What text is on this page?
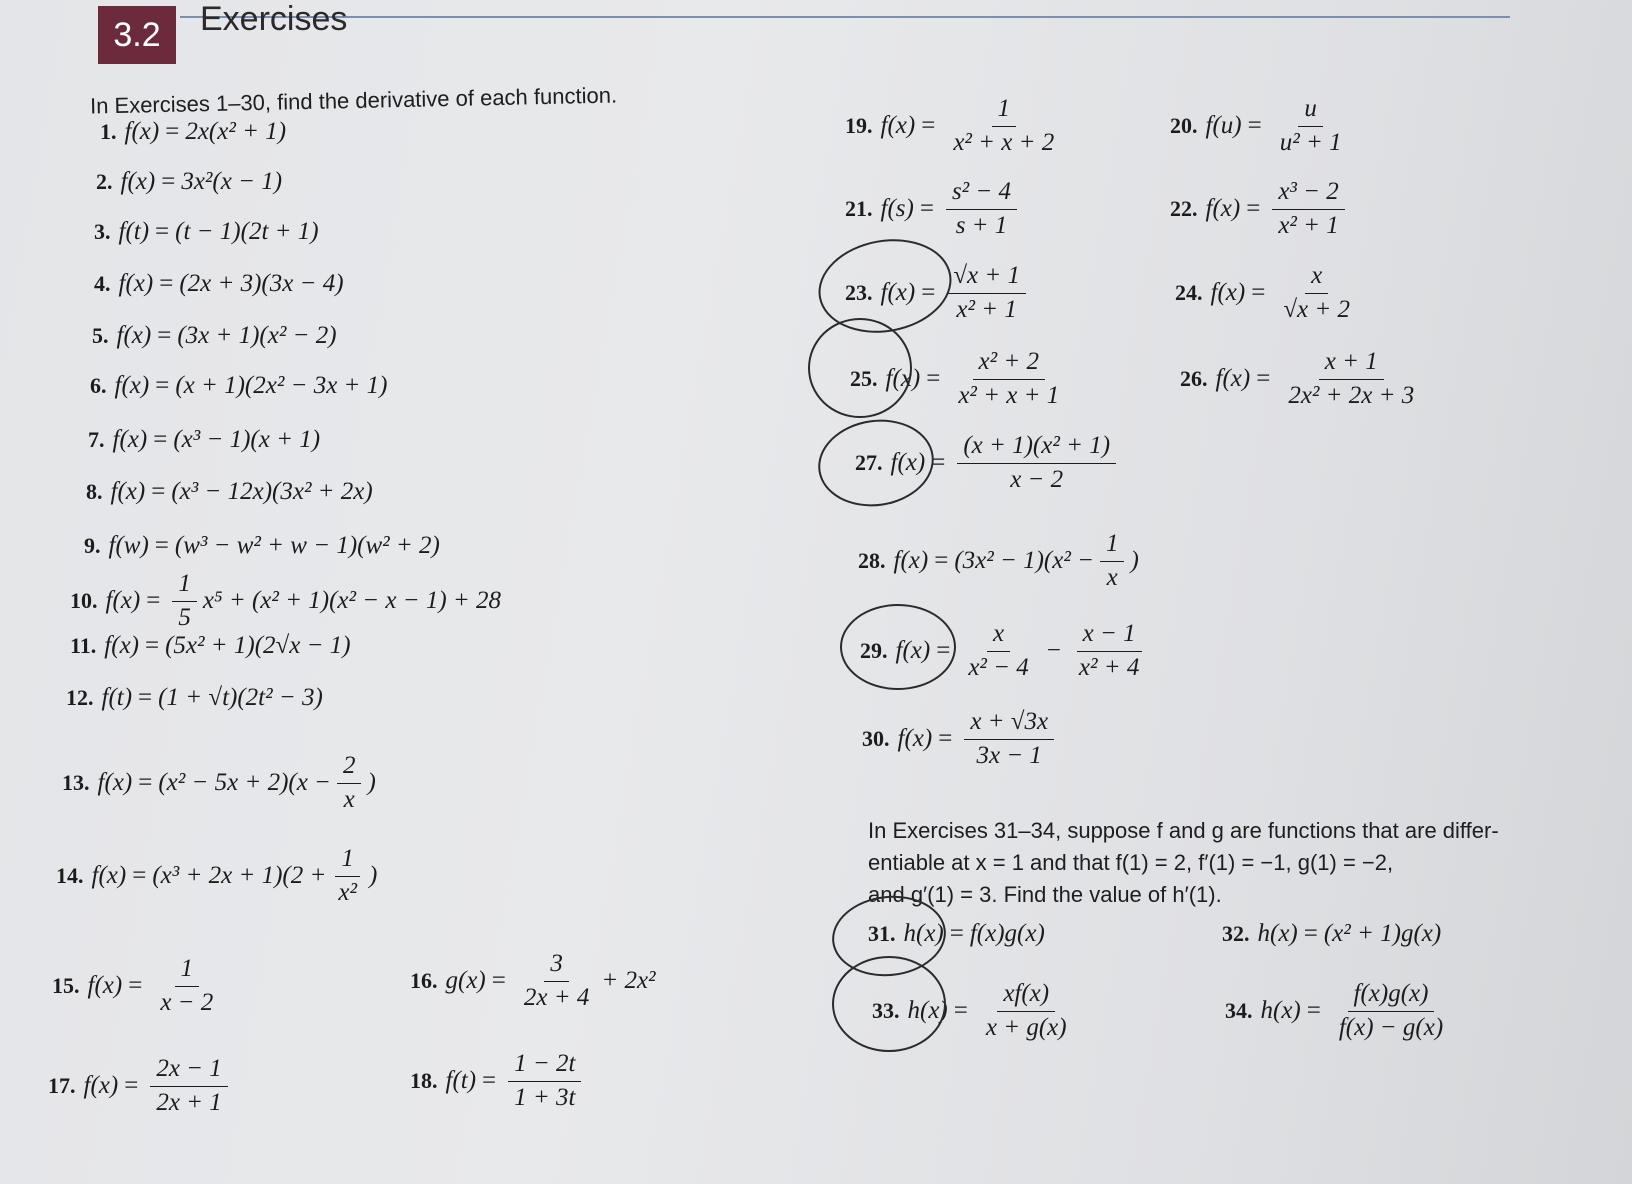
3.2	Exercises
In Exercises 1–30, find the derivative of each function.
1. f(x) = 2x(x² + 1)
2. f(x) = 3x²(x − 1)
3. f(t) = (t − 1)(2t + 1)
4. f(x) = (2x + 3)(3x − 4)
5. f(x) = (3x + 1)(x² − 2)
6. f(x) = (x + 1)(2x² − 3x + 1)
7. f(x) = (x³ − 1)(x + 1)
8. f(x) = (x³ − 12x)(3x² + 2x)
9. f(w) = (w³ − w² + w − 1)(w² + 2)
10. $f(x) = \frac{1}{5} x^5 + (x^2 + 1)(x^2 - x - 1) + 28$
11. f(x) = (5x² + 1)(2√x − 1)
12. f(t) = (1 + √t)(2t² − 3)
13. $f(x) = (x^2 - 5x + 2)(x - \frac{2}{x}$ )
14. $f(x) = (x^3 + 2x + 1)(2 + \frac{1}{\text{x²}}$ )
15. $f(x) = \frac{1}{x - 2}$	16. $g(x) = \frac{3}{2x + 4} + 2x^2$
17. $f(x) = \frac{2x - 1}{2x + 1}$	18. $f(t) = \frac{1 - 2t}{1 + 3t}$
19. $f(x) = \frac{1}{\text{x² + x + 2}}$	20. $f(u) = \frac{u}{\text{u² + 1}}$
21. $f(s) = \frac{\text{s² − 4}}{s + 1}$	22. $f(x) = \frac{\text{x³ − 2}}{\text{x² + 1}}$
23. $f(x) = \frac{√x + 1}{\text{x² + 1}}$	24. $f(x) = \frac{x}{√x + 2}$
25. $f(x) = \frac{\text{x² + 2}}{\text{x² + x + 1}}$	26. $f(x) = \frac{x + 1}{\text{2x² + 2x + 3}}$
27. $f(x) = \frac{\text{(x + 1)(x² + 1)}}{x - 2}$
28. $f(x) = (3x^2 - 1)(x^2 - \frac{1}{x}$ )
29. $f(x) = \frac{x}{\text{x² − 4}} - \frac{x - 1}{\text{x² + 4}}$
30. $f(x) = \frac{x + √3x}{3x - 1}$
In Exercises 31–34, suppose f and g are functions that are differ-
entiable at x = 1 and that f(1) = 2, f′(1) = −1, g(1) = −2,
and g′(1) = 3. Find the value of h′(1).
31. h(x) = f(x)g(x)	32. h(x) = (x² + 1)g(x)
33. $h(x) = \frac{xf(x)}{x + g(x)}$	34. $h(x) = \frac{f(x)g(x)}{f(x) - g(x)}$
